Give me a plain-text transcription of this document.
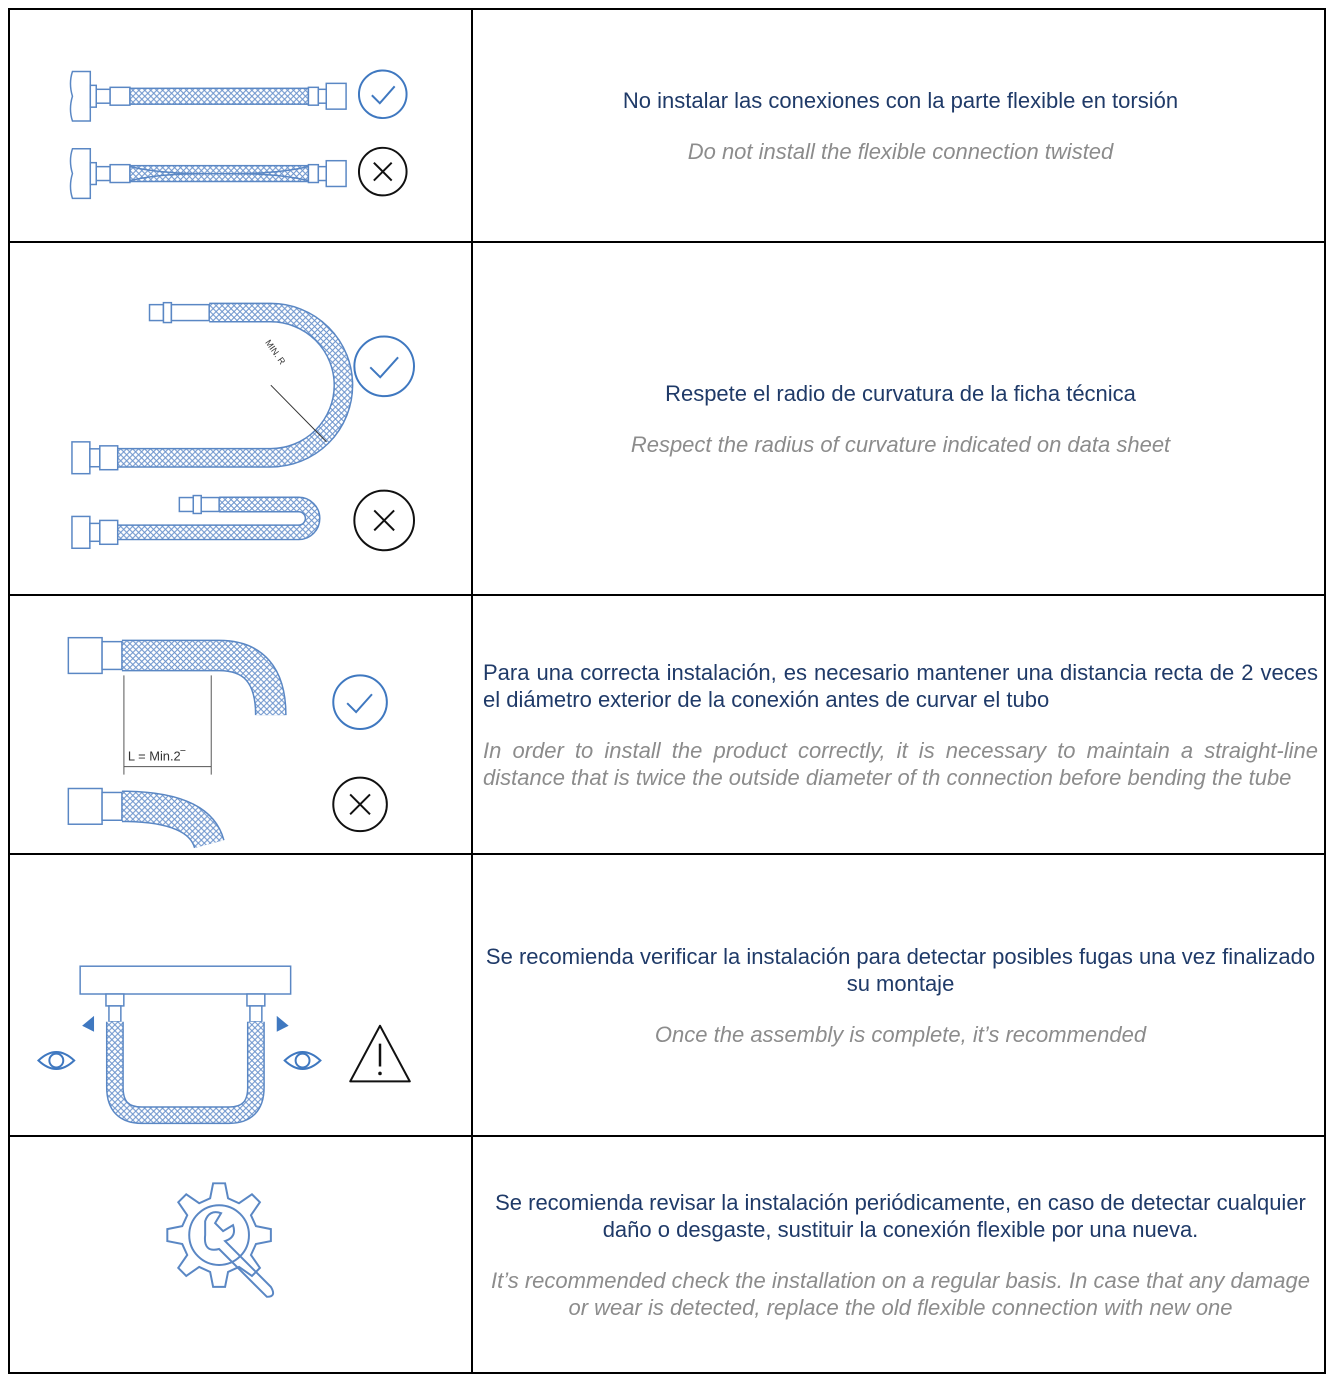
No instalar las conexiones con la parte flexible en torsión
Do not install the flexible connection twisted
MIN. R
Respete el radio de curvatura de la ficha técnica
Respect the radius of curvature indicated on data sheet
L = Min.2‾
Para una correcta instalación, es necesario mantener una distancia recta de 2 veces el diámetro exterior de la conexión antes de curvar el tubo
In order to install the product correctly, it is necessary to maintain a straight-line distance that is twice the outside diameter of th connection before bending the tube
Se recomienda verificar la instalación para detectar posibles fugas una vez finalizado su montaje
Once the assembly is complete, it’s recommended
Se recomienda revisar la instalación periódicamente, en caso de detectar cualquier daño o desgaste, sustituir la conexión flexible por una nueva.
It’s recommended check the installation on a regular basis. In case that any damage or wear is detected, replace the old flexible connection with new one
